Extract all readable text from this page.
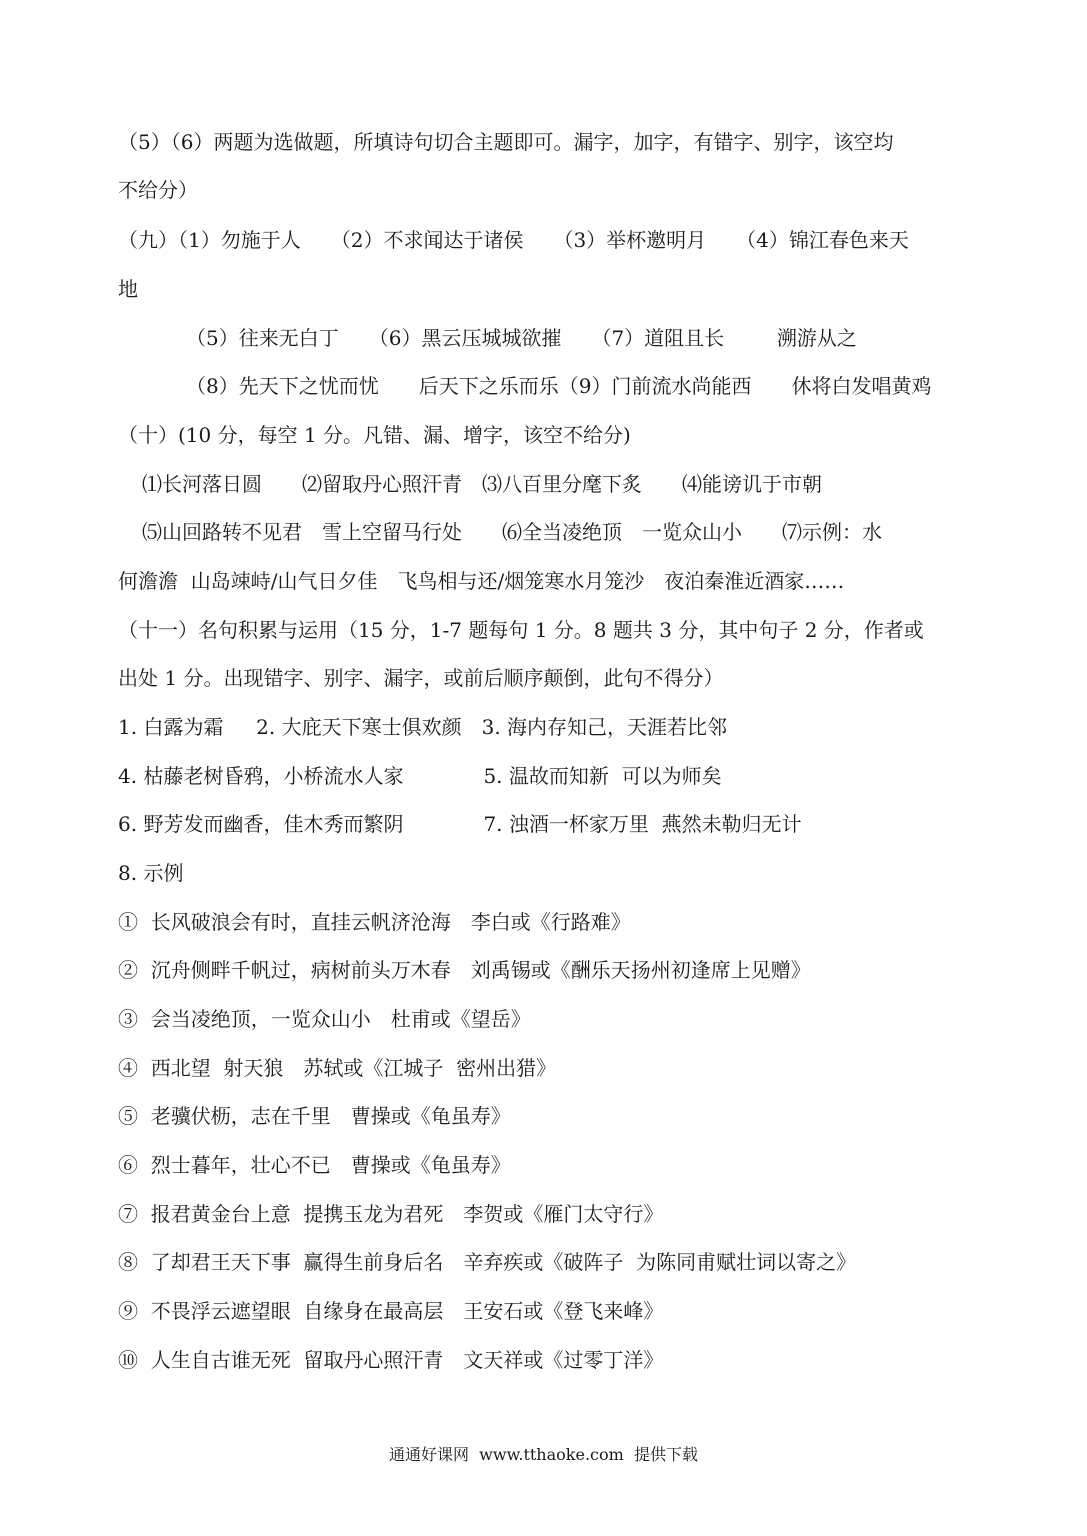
（5）（6）两题为选做题，所填诗句切合主题即可。漏字，加字，有错字、别字，该空均
不给分）
（九）（1）勿施于人　　（2）不求闻达于诸侯　　（3）举杯邀明月　　（4）锦江春色来天
地
（5）往来无白丁　　（6）黑云压城城欲摧　　（7）道阻且长　　  溯游从之
（8）先天下之忧而忧　　后天下之乐而乐（9）门前流水尚能西　　休将白发唱黄鸡
（十）(10 分，每空 1 分。凡错、漏、增字，该空不给分)
⑴长河落日圆　　⑵留取丹心照汗青　⑶八百里分麾下炙　　⑷能谤讥于市朝
⑸山回路转不见君　雪上空留马行处　　⑹全当凌绝顶　一览众山小　　⑺示例：水
何澹澹  山岛竦峙/山气日夕佳　飞鸟相与还/烟笼寒水月笼沙　夜泊秦淮近酒家……
（十一）名句积累与运用（15 分，1-7 题每句 1 分。8 题共 3 分，其中句子 2 分，作者或
出处 1 分。出现错字、别字、漏字，或前后顺序颠倒，此句不得分）
1. 白露为霜　  2. 大庇天下寒士俱欢颜　3. 海内存知己，天涯若比邻
4. 枯藤老树昏鸦，小桥流水人家　　　　5. 温故而知新  可以为师矣
6. 野芳发而幽香，佳木秀而繁阴　　　　7. 浊酒一杯家万里  燕然未勒归无计
8. 示例
①  长风破浪会有时，直挂云帆济沧海　李白或《行路难》
②  沉舟侧畔千帆过，病树前头万木春　刘禹锡或《酬乐天扬州初逢席上见赠》
③  会当凌绝顶，一览众山小　杜甫或《望岳》
④  西北望  射天狼　苏轼或《江城子  密州出猎》
⑤  老骥伏枥，志在千里　曹操或《龟虽寿》
⑥  烈士暮年，壮心不已　曹操或《龟虽寿》
⑦  报君黄金台上意  提携玉龙为君死　李贺或《雁门太守行》
⑧  了却君王天下事  赢得生前身后名　辛弃疾或《破阵子  为陈同甫赋壮词以寄之》
⑨  不畏浮云遮望眼  自缘身在最高层　王安石或《登飞来峰》
⑩  人生自古谁无死  留取丹心照汗青　文天祥或《过零丁洋》
通通好课网  www.tthaoke.com  提供下载
